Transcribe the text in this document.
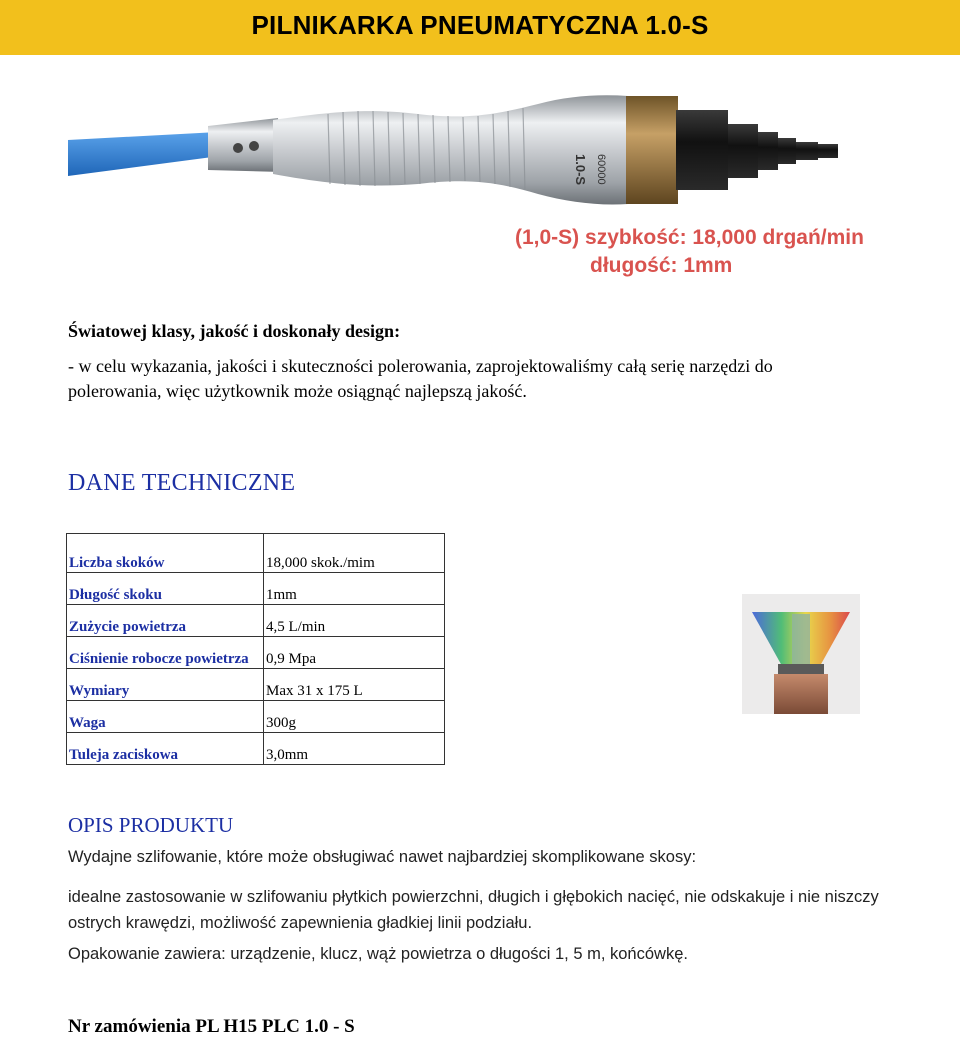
PILNIKARKA PNEUMATYCZNA 1.0-S
1.0-S 60000
(1,0-S) szybkość: 18,000 drgań/min
długość: 1mm
Światowej klasy, jakość i doskonały design:
- w celu wykazania, jakości i skuteczności polerowania, zaprojektowaliśmy całą serię narzędzi do polerowania, więc użytkownik może osiągnąć najlepszą jakość.
DANE TECHNICZNE
Liczba skoków	18,000 skok./mim
Długość skoku	1mm
Zużycie powietrza	4,5 L/min
Ciśnienie robocze powietrza	0,9 Mpa
Wymiary	Max 31 x 175 L
Waga	300g
Tuleja zaciskowa	3,0mm
OPIS PRODUKTU
Wydajne szlifowanie, które może obsługiwać nawet najbardziej skomplikowane skosy:
idealne zastosowanie w szlifowaniu płytkich powierzchni, długich i głębokich nacięć, nie odskakuje i nie niszczy ostrych krawędzi, możliwość zapewnienia gładkiej linii podziału.
Opakowanie zawiera: urządzenie, klucz, wąż powietrza o długości 1, 5 m, końcówkę.
Nr zamówienia PL H15 PLC 1.0 - S
